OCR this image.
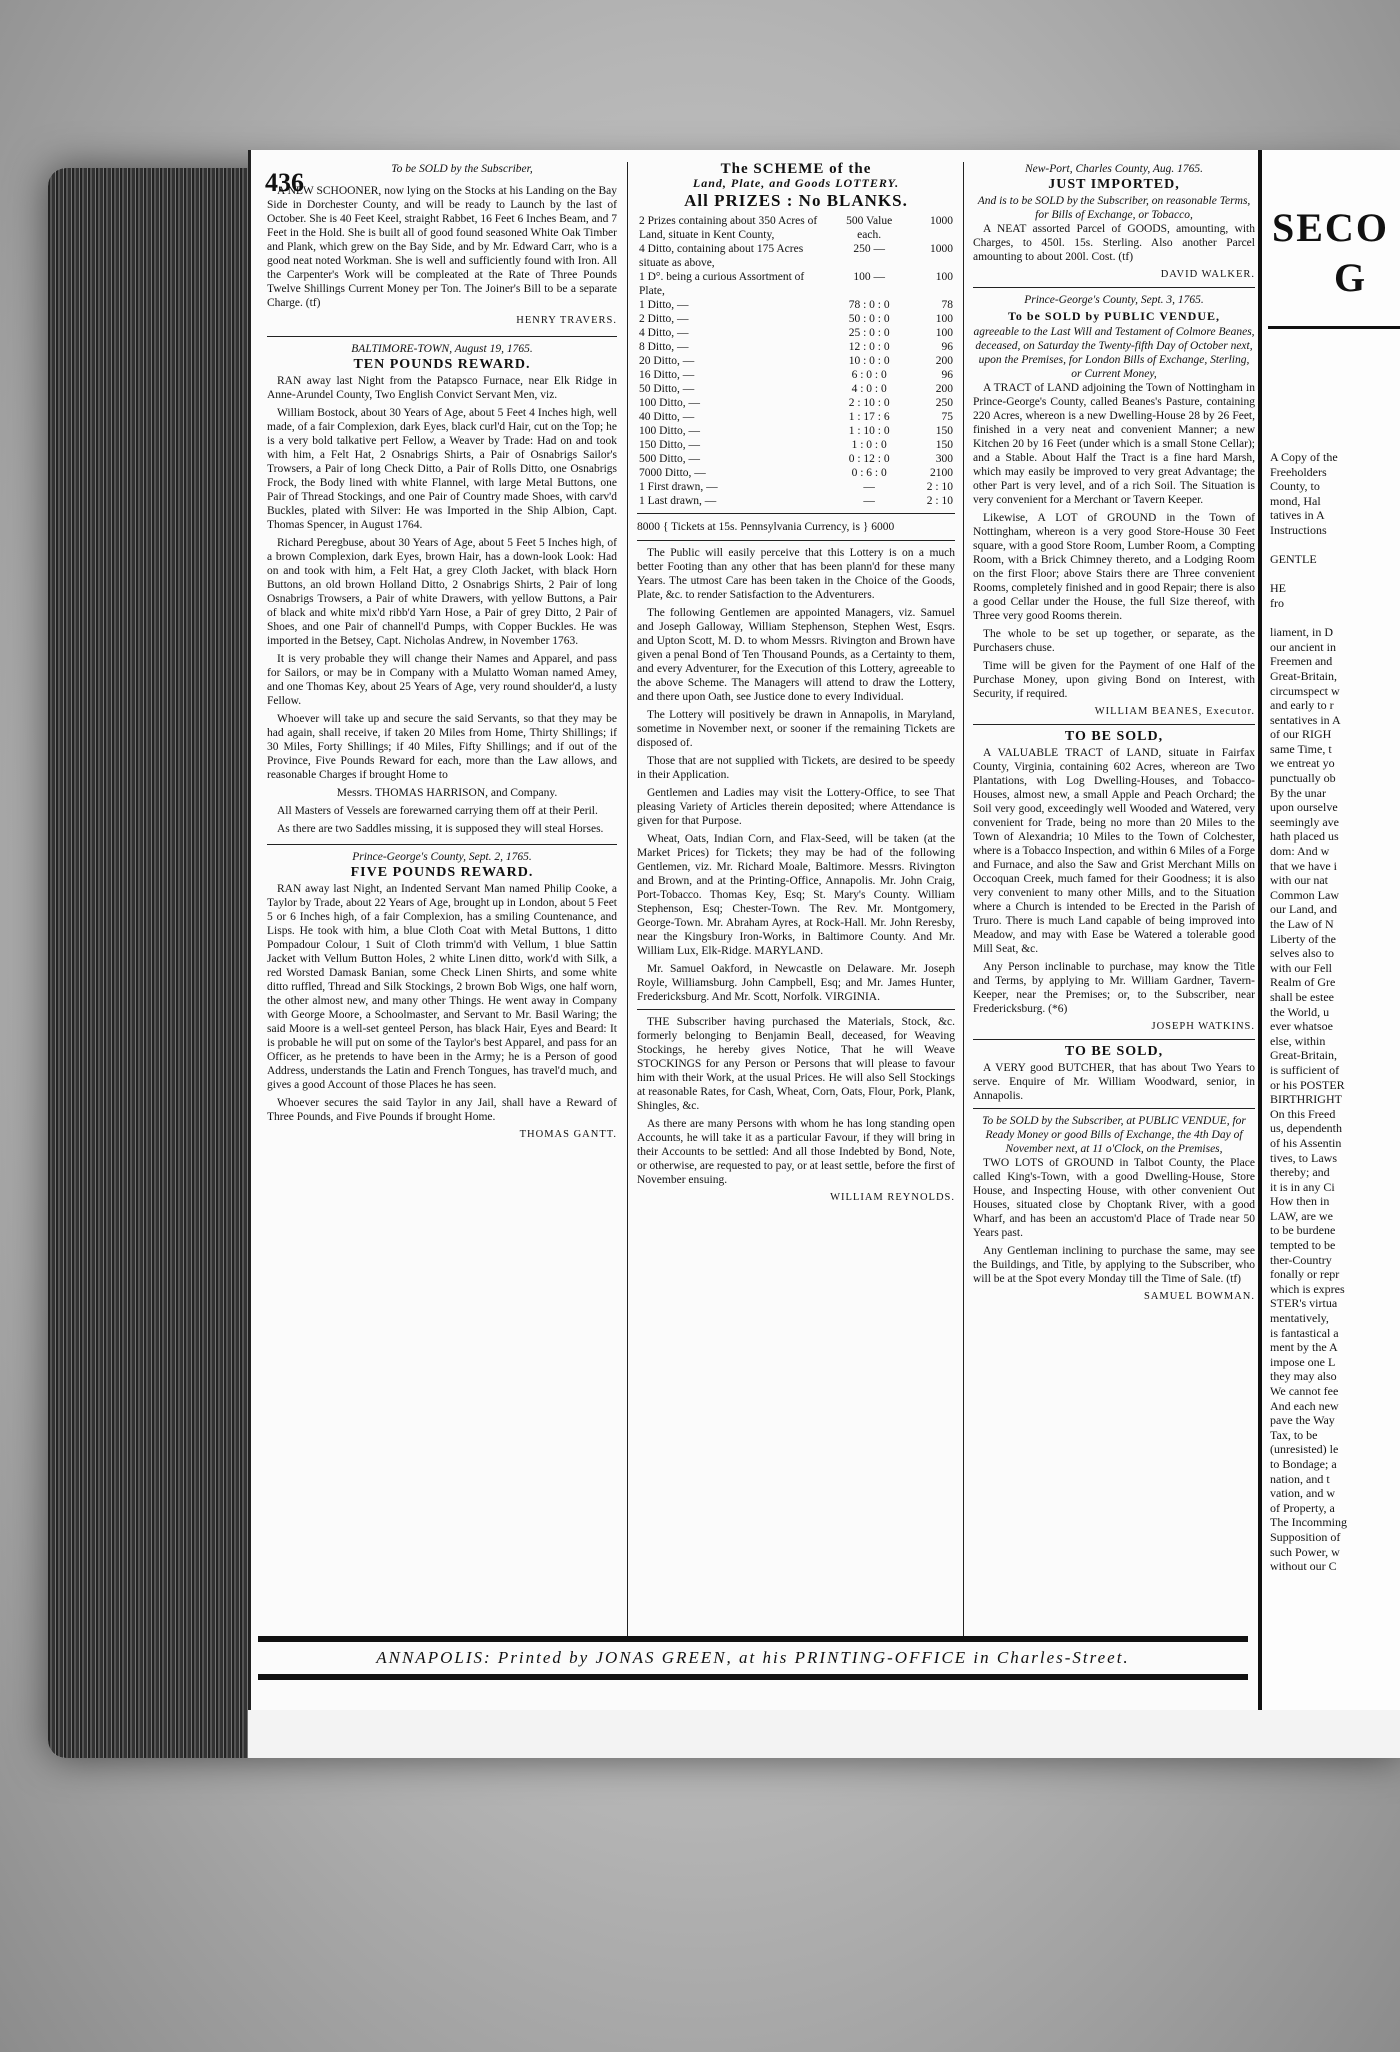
436	To be SOLD by the Subscriber,

A NEW SCHOONER, now lying on the Stocks at his Landing on the Bay Side in Dorchester County, and will be ready to Launch by the last of October. She is 40 Feet Keel, straight Rabbet, 16 Feet 6 Inches Beam, and 7 Feet in the Hold. She is built all of good found seasoned White Oak Timber and Plank, which grew on the Bay Side, and by Mr. Edward Carr, who is a good neat noted Workman. She is well and sufficiently found with Iron. All the Carpenter's Work will be compleated at the Rate of Three Pounds Twelve Shillings Current Money per Ton. The Joiner's Bill to be a separate Charge. (tf)

HENRY TRAVERS.
BALTIMORE-TOWN, August 19, 1765.
TEN POUNDS REWARD.

RAN away last Night from the Patapsco Furnace, near Elk Ridge in Anne-Arundel County, Two English Convict Servant Men, viz.

William Bostock, about 30 Years of Age, about 5 Feet 4 Inches high, well made, of a fair Complexion, dark Eyes, black curl'd Hair, cut on the Top; he is a very bold talkative pert Fellow, a Weaver by Trade: Had on and took with him, a Felt Hat, 2 Osnabrigs Shirts, a Pair of Osnabrigs Sailor's Trowsers, a Pair of long Check Ditto, a Pair of Rolls Ditto, one Osnabrigs Frock, the Body lined with white Flannel, with large Metal Buttons, one Pair of Thread Stockings, and one Pair of Country made Shoes, with carv'd Buckles, plated with Silver: He was Imported in the Ship Albion, Capt. Thomas Spencer, in August 1764.

Richard Peregbuse, about 30 Years of Age, about 5 Feet 5 Inches high, of a brown Complexion, dark Eyes, brown Hair, has a down-look Look: Had on and took with him, a Felt Hat, a grey Cloth Jacket, with black Horn Buttons, an old brown Holland Ditto, 2 Osnabrigs Shirts, 2 Pair of long Osnabrigs Trowsers, a Pair of white Drawers, with yellow Buttons, a Pair of black and white mix'd ribb'd Yarn Hose, a Pair of grey Ditto, 2 Pair of Shoes, and one Pair of channell'd Pumps, with Copper Buckles. He was imported in the Betsey, Capt. Nicholas Andrew, in November 1763.

It is very probable they will change their Names and Apparel, and pass for Sailors, or may be in Company with a Mulatto Woman named Amey, and one Thomas Key, about 25 Years of Age, very round shoulder'd, a lusty Fellow.

Whoever will take up and secure the said Servants, so that they may be had again, shall receive, if taken 20 Miles from Home, Thirty Shillings; if 30 Miles, Forty Shillings; if 40 Miles, Fifty Shillings; and if out of the Province, Five Pounds Reward for each, more than the Law allows, and reasonable Charges if brought Home to

Messrs. THOMAS HARRISON, and Company.

All Masters of Vessels are forewarned carrying them off at their Peril.

As there are two Saddles missing, it is supposed they will steal Horses.

Prince-George's County, Sept. 2, 1765.
FIVE POUNDS REWARD.

RAN away last Night, an Indented Servant Man named Philip Cooke, a Taylor by Trade, about 22 Years of Age, brought up in London, about 5 Feet 5 or 6 Inches high, of a fair Complexion, has a smiling Countenance, and Lisps. He took with him, a blue Cloth Coat with Metal Buttons, 1 ditto Pompadour Colour, 1 Suit of Cloth trimm'd with Vellum, 1 blue Sattin Jacket with Vellum Button Holes, 2 white Linen ditto, work'd with Silk, a red Worsted Damask Banian, some Check Linen Shirts, and some white ditto ruffled, Thread and Silk Stockings, 2 brown Bob Wigs, one half worn, the other almost new, and many other Things. He went away in Company with George Moore, a Schoolmaster, and Servant to Mr. Basil Waring; the said Moore is a well-set genteel Person, has black Hair, Eyes and Beard: It is probable he will put on some of the Taylor's best Apparel, and pass for an Officer, as he pretends to have been in the Army; he is a Person of good Address, understands the Latin and French Tongues, has travel'd much, and gives a good Account of those Places he has seen.

Whoever secures the said Taylor in any Jail, shall have a Reward of Three Pounds, and Five Pounds if brought Home.

THOMAS GANTT.
The SCHEME of the
Land, Plate, and Goods LOTTERY.
All PRIZES : No BLANKS.
2 Prizes containing about 350 Acres of Land, situate in Kent County,	500 Value each.	1000
4 Ditto, containing about 175 Acres situate as above,	250 —	1000
1 D°. being a curious Assortment of Plate,	100 —	100
1 Ditto, —	78 : 0 : 0	78
2 Ditto, —	50 : 0 : 0	100
4 Ditto, —	25 : 0 : 0	100
8 Ditto, —	12 : 0 : 0	96
20 Ditto, —	10 : 0 : 0	200
16 Ditto, —	6 : 0 : 0	96
50 Ditto, —	4 : 0 : 0	200
100 Ditto, —	2 : 10 : 0	250
40 Ditto, —	1 : 17 : 6	75
100 Ditto, —	1 : 10 : 0	150
150 Ditto, —	1 : 0 : 0	150
500 Ditto, —	0 : 12 : 0	300
7000 Ditto, —	0 : 6 : 0	2100
1 First drawn, —	—	2 : 10
1 Last drawn, —	—	2 : 10
8000 { Tickets at 15s. Pennsylvania Currency, is } 6000

The Public will easily perceive that this Lottery is on a much better Footing than any other that has been plann'd for these many Years. The utmost Care has been taken in the Choice of the Goods, Plate, &c. to render Satisfaction to the Adventurers.

The following Gentlemen are appointed Managers, viz. Samuel and Joseph Galloway, William Stephenson, Stephen West, Esqrs. and Upton Scott, M. D. to whom Messrs. Rivington and Brown have given a penal Bond of Ten Thousand Pounds, as a Certainty to them, and every Adventurer, for the Execution of this Lottery, agreeable to the above Scheme. The Managers will attend to draw the Lottery, and there upon Oath, see Justice done to every Individual.

The Lottery will positively be drawn in Annapolis, in Maryland, sometime in November next, or sooner if the remaining Tickets are disposed of.

Those that are not supplied with Tickets, are desired to be speedy in their Application.

Gentlemen and Ladies may visit the Lottery-Office, to see That pleasing Variety of Articles therein deposited; where Attendance is given for that Purpose.

Wheat, Oats, Indian Corn, and Flax-Seed, will be taken (at the Market Prices) for Tickets; they may be had of the following Gentlemen, viz. Mr. Richard Moale, Baltimore. Messrs. Rivington and Brown, and at the Printing-Office, Annapolis. Mr. John Craig, Port-Tobacco. Thomas Key, Esq; St. Mary's County. William Stephenson, Esq; Chester-Town. The Rev. Mr. Montgomery, George-Town. Mr. Abraham Ayres, at Rock-Hall. Mr. John Reresby, near the Kingsbury Iron-Works, in Baltimore County. And Mr. William Lux, Elk-Ridge. MARYLAND.

Mr. Samuel Oakford, in Newcastle on Delaware. Mr. Joseph Royle, Williamsburg. John Campbell, Esq; and Mr. James Hunter, Fredericksburg. And Mr. Scott, Norfolk. VIRGINIA.

THE Subscriber having purchased the Materials, Stock, &c. formerly belonging to Benjamin Beall, deceased, for Weaving Stockings, he hereby gives Notice, That he will Weave STOCKINGS for any Person or Persons that will please to favour him with their Work, at the usual Prices. He will also Sell Stockings at reasonable Rates, for Cash, Wheat, Corn, Oats, Flour, Pork, Plank, Shingles, &c.

As there are many Persons with whom he has long standing open Accounts, he will take it as a particular Favour, if they will bring in their Accounts to be settled: And all those Indebted by Bond, Note, or otherwise, are requested to pay, or at least settle, before the first of November ensuing.

WILLIAM REYNOLDS.
New-Port, Charles County, Aug. 1765.
JUST IMPORTED,
And is to be SOLD by the Subscriber, on reasonable Terms, for Bills of Exchange, or Tobacco,

A NEAT assorted Parcel of GOODS, amounting, with Charges, to 450l. 15s. Sterling. Also another Parcel amounting to about 200l. Cost. (tf)

DAVID WALKER.
Prince-George's County, Sept. 3, 1765.
To be SOLD by PUBLIC VENDUE,
agreeable to the Last Will and Testament of Colmore Beanes, deceased, on Saturday the Twenty-fifth Day of October next, upon the Premises, for London Bills of Exchange, Sterling, or Current Money,

A TRACT of LAND adjoining the Town of Nottingham in Prince-George's County, called Beanes's Pasture, containing 220 Acres, whereon is a new Dwelling-House 28 by 26 Feet, finished in a very neat and convenient Manner; a new Kitchen 20 by 16 Feet (under which is a small Stone Cellar); and a Stable. About Half the Tract is a fine hard Marsh, which may easily be improved to very great Advantage; the other Part is very level, and of a rich Soil. The Situation is very convenient for a Merchant or Tavern Keeper.

Likewise, A LOT of GROUND in the Town of Nottingham, whereon is a very good Store-House 30 Feet square, with a good Store Room, Lumber Room, a Compting Room, with a Brick Chimney thereto, and a Lodging Room on the first Floor; above Stairs there are Three convenient Rooms, completely finished and in good Repair; there is also a good Cellar under the House, the full Size thereof, with Three very good Rooms therein.

The whole to be set up together, or separate, as the Purchasers chuse.

Time will be given for the Payment of one Half of the Purchase Money, upon giving Bond on Interest, with Security, if required.

WILLIAM BEANES, Executor.
TO BE SOLD,

A VALUABLE TRACT of LAND, situate in Fairfax County, Virginia, containing 602 Acres, whereon are Two Plantations, with Log Dwelling-Houses, and Tobacco-Houses, almost new, a small Apple and Peach Orchard; the Soil very good, exceedingly well Wooded and Watered, very convenient for Trade, being no more than 20 Miles to the Town of Alexandria; 10 Miles to the Town of Colchester, where is a Tobacco Inspection, and within 6 Miles of a Forge and Furnace, and also the Saw and Grist Merchant Mills on Occoquan Creek, much famed for their Goodness; it is also very convenient to many other Mills, and to the Situation where a Church is intended to be Erected in the Parish of Truro. There is much Land capable of being improved into Meadow, and may with Ease be Watered a tolerable good Mill Seat, &c.

Any Person inclinable to purchase, may know the Title and Terms, by applying to Mr. William Gardner, Tavern-Keeper, near the Premises; or, to the Subscriber, near Fredericksburg. (*6)

JOSEPH WATKINS.
TO BE SOLD,

A VERY good BUTCHER, that has about Two Years to serve. Enquire of Mr. William Woodward, senior, in Annapolis.

To be SOLD by the Subscriber, at PUBLIC VENDUE, for Ready Money or good Bills of Exchange, the 4th Day of November next, at 11 o'Clock, on the Premises,

TWO LOTS of GROUND in Talbot County, the Place called King's-Town, with a good Dwelling-House, Store House, and Inspecting House, with other convenient Out Houses, situated close by Choptank River, with a good Wharf, and has been an accustom'd Place of Trade near 50 Years past.

Any Gentleman inclining to purchase the same, may see the Buildings, and Title, by applying to the Subscriber, who will be at the Spot every Monday till the Time of Sale. (tf)

SAMUEL BOWMAN.
ANNAPOLIS: Printed by JONAS GREEN, at his PRINTING-OFFICE in Charles-Street.
SECO
G
A Copy of the
Freeholders
County, to
mond, Hal
tatives in A
Instructions

GENTLE

HE
fro

liament, in D
our ancient in
Freemen and
Great-Britain,
circumspect w
and early to r
sentatives in A
of our RIGH
same Time, t
we entreat yo
punctually ob
By the unar
upon ourselve
seemingly ave
hath placed us
dom: And w
that we have i
with our nat
Common Law
our Land, and
the Law of N
Liberty of the
selves also to
with our Fell
Realm of Gre
shall be estee
the World, u
ever whatsoe
else, within
Great-Britain,
is sufficient of
or his POSTER
BIRTHRIGHT
On this Freed
us, dependenth
of his Assentin
tives, to Laws
thereby; and
it is in any Ci
How then in
LAW, are we
to be burdene
tempted to be
ther-Country
fonally or repr
which is expres
STER's virtua
mentatively,
is fantastical a
ment by the A
impose one L
they may also
We cannot fee
And each new
pave the Way
Tax, to be
(unresisted) le
to Bondage; a
nation, and t
vation, and w
of Property, a
The Incomming
Supposition of
such Power, w
without our C
